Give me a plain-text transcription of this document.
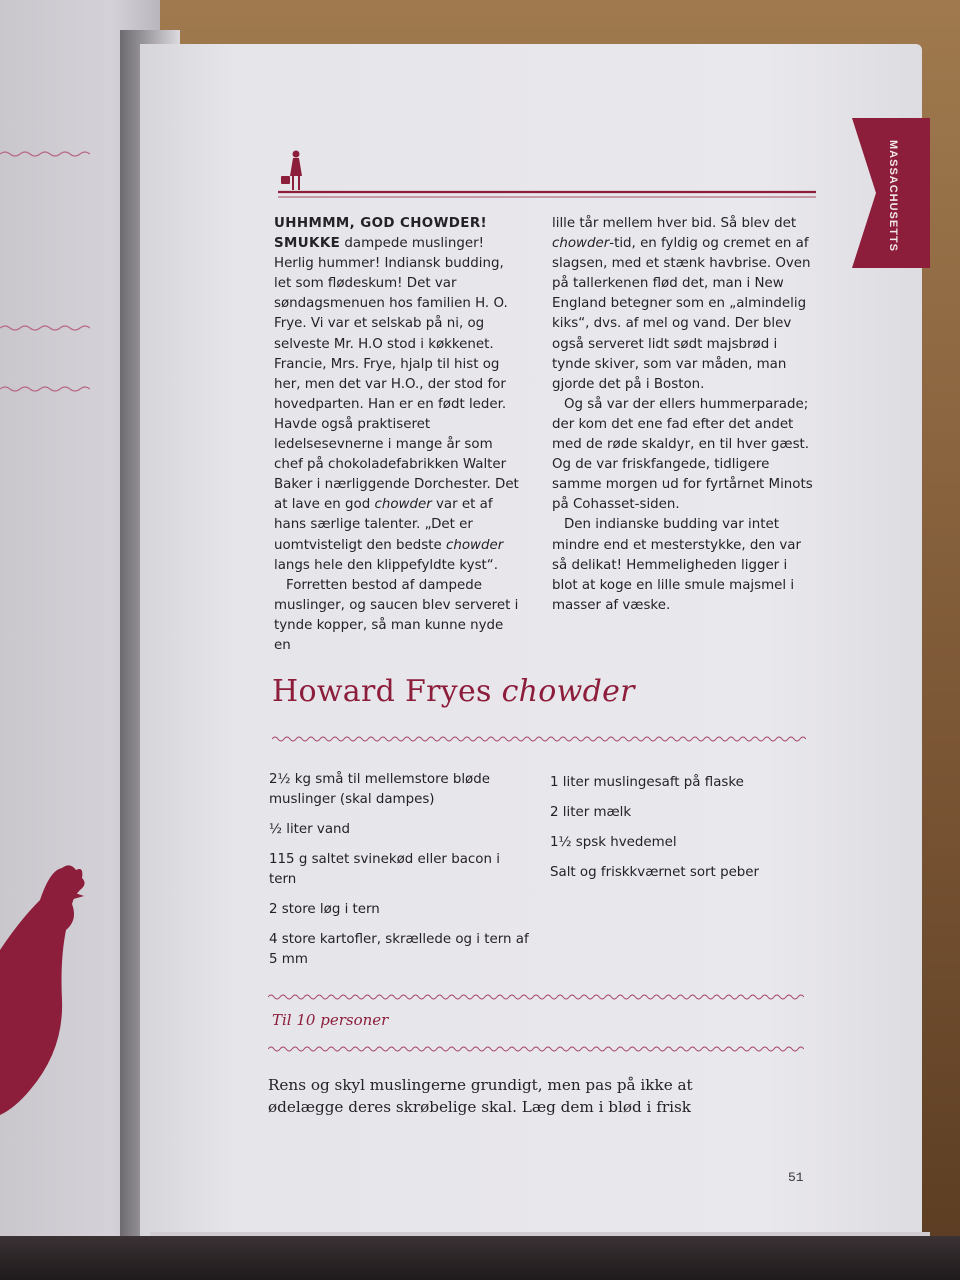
MASSACHUSETTS

UHHMMM, GOD CHOWDER! SMUKKE dampede muslinger! Herlig hummer! Indiansk budding, let som flødeskum! Det var søndagsmenuen hos familien H. O. Frye. Vi var et selskab på ni, og selveste Mr. H.O stod i køkkenet. Francie, Mrs. Frye, hjalp til hist og her, men det var H.O., der stod for hovedparten. Han er en født leder. Havde også praktiseret ledelsesevnerne i mange år som chef på chokoladefabrikken Walter Baker i nærliggende Dorchester. Det at lave en god chowder var et af hans særlige talenter. „Det er uomtvisteligt den bedste chowder langs hele den klippefyldte kyst“.

Forretten bestod af dampede muslinger, og saucen blev serveret i tynde kopper, så man kunne nyde en

lille tår mellem hver bid. Så blev det chowder-tid, en fyldig og cremet en af slagsen, med et stænk havbrise. Oven på tallerkenen flød det, man i New England betegner som en „almindelig kiks“, dvs. af mel og vand. Der blev også serveret lidt sødt majsbrød i tynde skiver, som var måden, man gjorde det på i Boston.

Og så var der ellers hummerparade; der kom det ene fad efter det andet med de røde skaldyr, en til hver gæst. Og de var friskfangede, tidligere samme morgen ud for fyrtårnet Minots på Cohasset-siden.

Den indianske budding var intet mindre end et mesterstykke, den var så delikat! Hemmeligheden ligger i blot at koge en lille smule majsmel i masser af væske.

Howard Fryes chowder
2½ kg små til mellemstore bløde muslinger (skal dampes)
½ liter vand
115 g saltet svinekød eller bacon i tern
2 store løg i tern
4 store kartofler, skrællede og i tern af 5 mm
1 liter muslingesaft på flaske
2 liter mælk
1½ spsk hvedemel
Salt og friskkværnet sort peber
Til 10 personer
Rens og skyl muslingerne grundigt, men pas på ikke at ødelægge deres skrøbelige skal. Læg dem i blød i frisk
51
